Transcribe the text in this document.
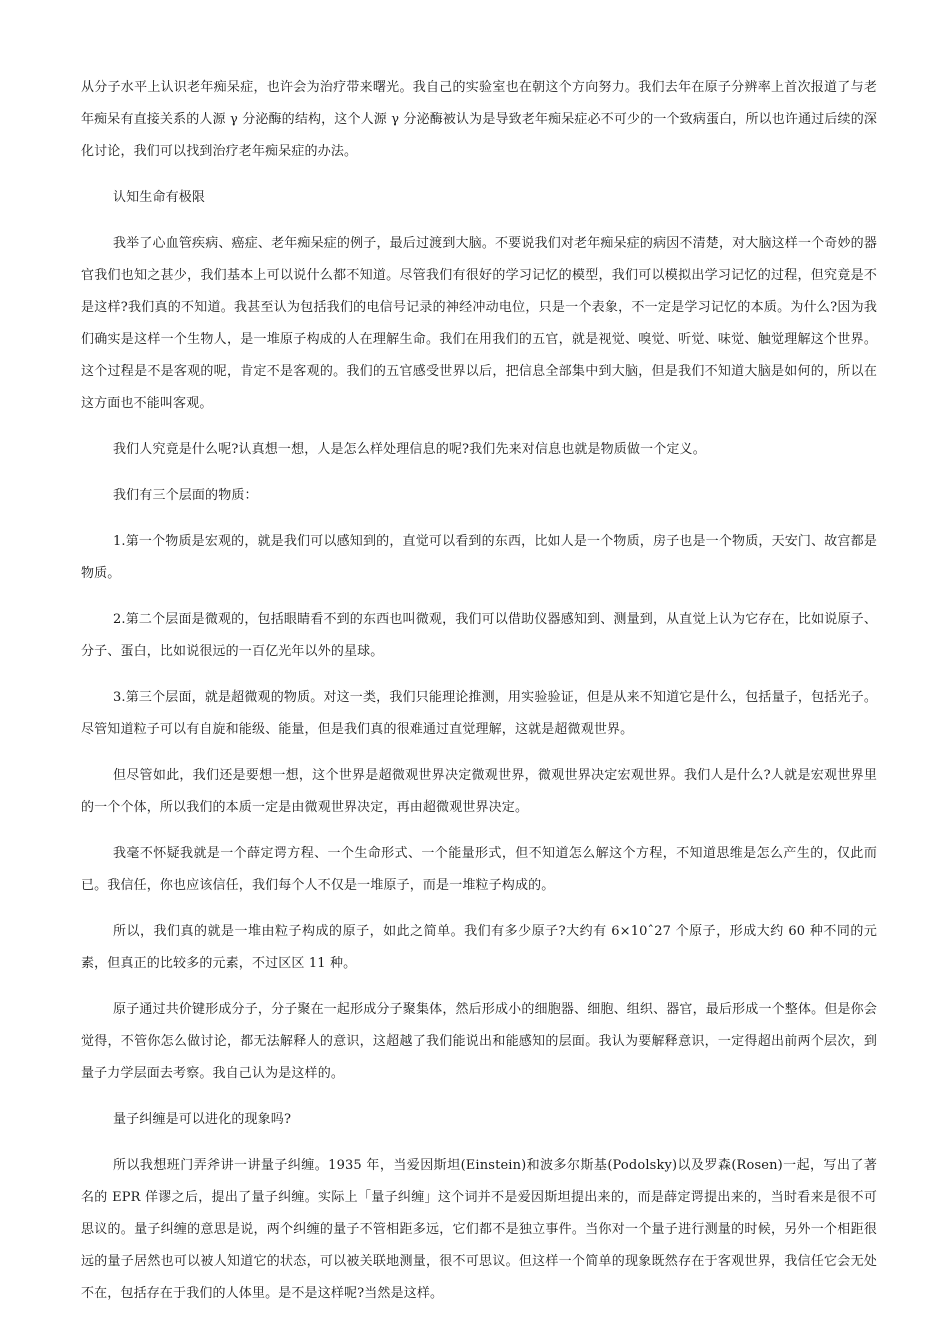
从分子水平上认识老年痴呆症，也许会为治疗带来曙光。我自己的实验室也在朝这个方向努力。我们去年在原子分辨率上首次报道了与老年痴呆有直接关系的人源 γ 分泌酶的结构，这个人源 γ 分泌酶被认为是导致老年痴呆症必不可少的一个致病蛋白，所以也许通过后续的深化讨论，我们可以找到治疗老年痴呆症的办法。

认知生命有极限

我举了心血管疾病、癌症、老年痴呆症的例子，最后过渡到大脑。不要说我们对老年痴呆症的病因不清楚，对大脑这样一个奇妙的器官我们也知之甚少，我们基本上可以说什么都不知道。尽管我们有很好的学习记忆的模型，我们可以模拟出学习记忆的过程，但究竟是不是这样?我们真的不知道。我甚至认为包括我们的电信号记录的神经冲动电位，只是一个表象，不一定是学习记忆的本质。为什么?因为我们确实是这样一个生物人，是一堆原子构成的人在理解生命。我们在用我们的五官，就是视觉、嗅觉、听觉、味觉、触觉理解这个世界。这个过程是不是客观的呢，肯定不是客观的。我们的五官感受世界以后，把信息全部集中到大脑，但是我们不知道大脑是如何的，所以在这方面也不能叫客观。

我们人究竟是什么呢?认真想一想，人是怎么样处理信息的呢?我们先来对信息也就是物质做一个定义。

我们有三个层面的物质：

1.第一个物质是宏观的，就是我们可以感知到的，直觉可以看到的东西，比如人是一个物质，房子也是一个物质，天安门、故宫都是物质。

2.第二个层面是微观的，包括眼睛看不到的东西也叫微观，我们可以借助仪器感知到、测量到，从直觉上认为它存在，比如说原子、分子、蛋白，比如说很远的一百亿光年以外的星球。

3.第三个层面，就是超微观的物质。对这一类，我们只能理论推测，用实验验证，但是从来不知道它是什么，包括量子，包括光子。尽管知道粒子可以有自旋和能级、能量，但是我们真的很难通过直觉理解，这就是超微观世界。

但尽管如此，我们还是要想一想，这个世界是超微观世界决定微观世界，微观世界决定宏观世界。我们人是什么?人就是宏观世界里的一个个体，所以我们的本质一定是由微观世界决定，再由超微观世界决定。

我毫不怀疑我就是一个薛定谔方程、一个生命形式、一个能量形式，但不知道怎么解这个方程，不知道思维是怎么产生的，仅此而已。我信任，你也应该信任，我们每个人不仅是一堆原子，而是一堆粒子构成的。

所以，我们真的就是一堆由粒子构成的原子，如此之简单。我们有多少原子?大约有 6×10ˆ27 个原子，形成大约 60 种不同的元素，但真正的比较多的元素，不过区区 11 种。

原子通过共价键形成分子，分子聚在一起形成分子聚集体，然后形成小的细胞器、细胞、组织、器官，最后形成一个整体。但是你会觉得，不管你怎么做讨论，都无法解释人的意识，这超越了我们能说出和能感知的层面。我认为要解释意识，一定得超出前两个层次，到量子力学层面去考察。我自己认为是这样的。

量子纠缠是可以进化的现象吗?

所以我想班门弄斧讲一讲量子纠缠。1935 年，当爱因斯坦(Einstein)和波多尔斯基(Podolsky)以及罗森(Rosen)一起，写出了著名的 EPR 佯谬之后，提出了量子纠缠。实际上「量子纠缠」这个词并不是爱因斯坦提出来的，而是薛定谔提出来的，当时看来是很不可思议的。量子纠缠的意思是说，两个纠缠的量子不管相距多远，它们都不是独立事件。当你对一个量子进行测量的时候，另外一个相距很远的量子居然也可以被人知道它的状态，可以被关联地测量，很不可思议。但这样一个简单的现象既然存在于客观世界，我信任它会无处不在，包括存在于我们的人体里。是不是这样呢?当然是这样。
